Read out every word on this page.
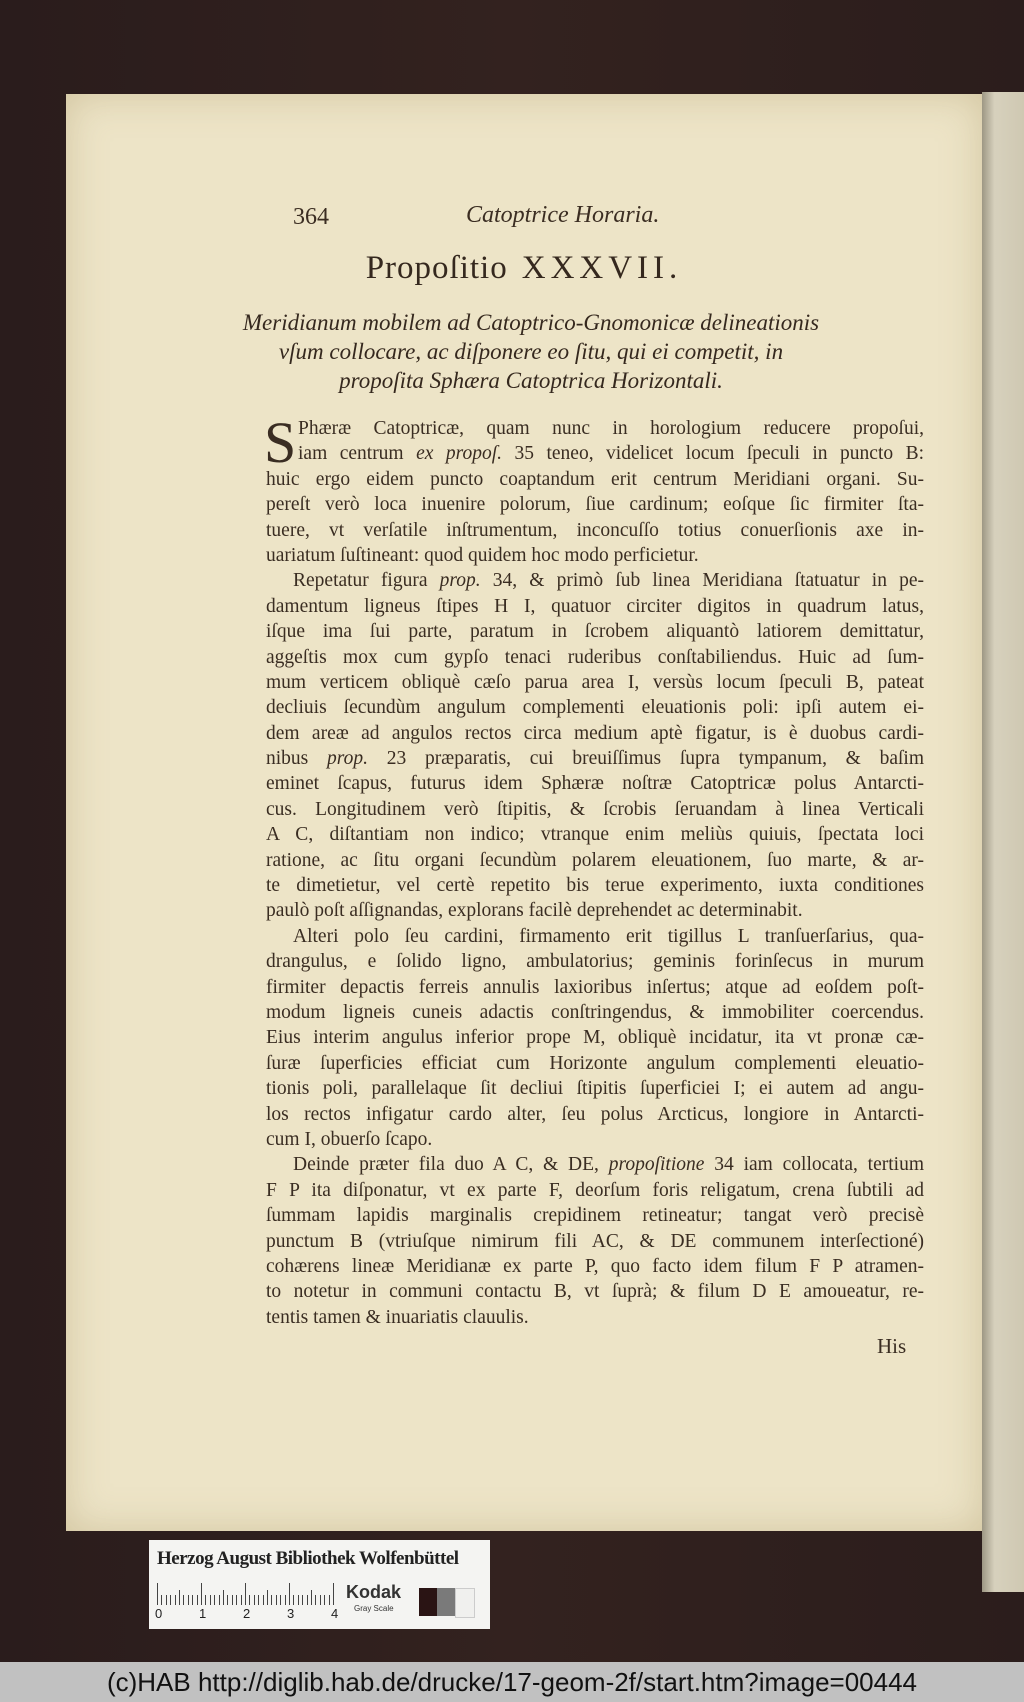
364	Catoptrice Horaria.
Propoſitio XXXVII.
Meridianum mobilem ad Catoptrico-Gnomonicæ delineationis
vſum collocare, ac diſponere eo ſitu, qui ei competit, in
propoſita Sphæra Catoptrica Horizontali.
S Phæræ Catoptricæ, quam nunc in horologium reducere propoſui,
iam centrum ex propoſ. 35 teneo, videlicet locum ſpeculi in puncto B:
huic ergo eidem puncto coaptandum erit centrum Meridiani organi. Su-
pereſt verò loca inuenire polorum, ſiue cardinum; eoſque ſic firmiter ſta-
tuere, vt verſatile inſtrumentum, inconcuſſo totius conuerſionis axe in-
uariatum ſuſtineant: quod quidem hoc modo perficietur.
Repetatur figura prop. 34, & primò ſub linea Meridiana ſtatuatur in pe-
damentum ligneus ſtipes H I, quatuor circiter digitos in quadrum latus,
iſque ima ſui parte, paratum in ſcrobem aliquantò latiorem demittatur,
aggeſtis mox cum gypſo tenaci ruderibus conſtabiliendus. Huic ad ſum-
mum verticem obliquè cæſo parua area I, versùs locum ſpeculi B, pateat
decliuis ſecundùm angulum complementi eleuationis poli: ipſi autem ei-
dem areæ ad angulos rectos circa medium aptè figatur, is è duobus cardi-
nibus prop. 23 præparatis, cui breuiſſimus ſupra tympanum, & baſim
eminet ſcapus, futurus idem Sphæræ noſtræ Catoptricæ polus Antarcti-
cus. Longitudinem verò ſtipitis, & ſcrobis ſeruandam à linea Verticali
A C, diſtantiam non indico; vtranque enim meliùs quiuis, ſpectata loci
ratione, ac ſitu organi ſecundùm polarem eleuationem, ſuo marte, & ar-
te dimetietur, vel certè repetito bis terue experimento, iuxta conditiones
paulò poſt aſſignandas, explorans facilè deprehendet ac determinabit.
Alteri polo ſeu cardini, firmamento erit tigillus L tranſuerſarius, qua-
drangulus, e ſolido ligno, ambulatorius; geminis forinſecus in murum
firmiter depactis ferreis annulis laxioribus inſertus; atque ad eoſdem poſt-
modum ligneis cuneis adactis conſtringendus, & immobiliter coercendus.
Eius interim angulus inferior prope M, obliquè incidatur, ita vt pronæ cæ-
ſuræ ſuperficies efficiat cum Horizonte angulum complementi eleuatio-
tionis poli, parallelaque ſit decliui ſtipitis ſuperficiei I; ei autem ad angu-
los rectos infigatur cardo alter, ſeu polus Arcticus, longiore in Antarcti-
cum I, obuerſo ſcapo.
Deinde præter fila duo A C, & DE, propoſitione 34 iam collocata, tertium
F P ita diſponatur, vt ex parte F, deorſum foris religatum, crena ſubtili ad
ſummam lapidis marginalis crepidinem retineatur; tangat verò precisè
punctum B (vtriuſque nimirum fili AC, & DE communem interſectioné)
cohærens lineæ Meridianæ ex parte P, quo facto idem filum F P atramen-
to notetur in communi contactu B, vt ſuprà; & filum D E amoueatur, re-
tentis tamen & inuariatis clauulis.
His
Herzog August Bibliothek Wolfenbüttel
0	1	2	3	4
Kodak
Gray Scale
(c)HAB http://diglib.hab.de/drucke/17-geom-2f/start.htm?image=00444
